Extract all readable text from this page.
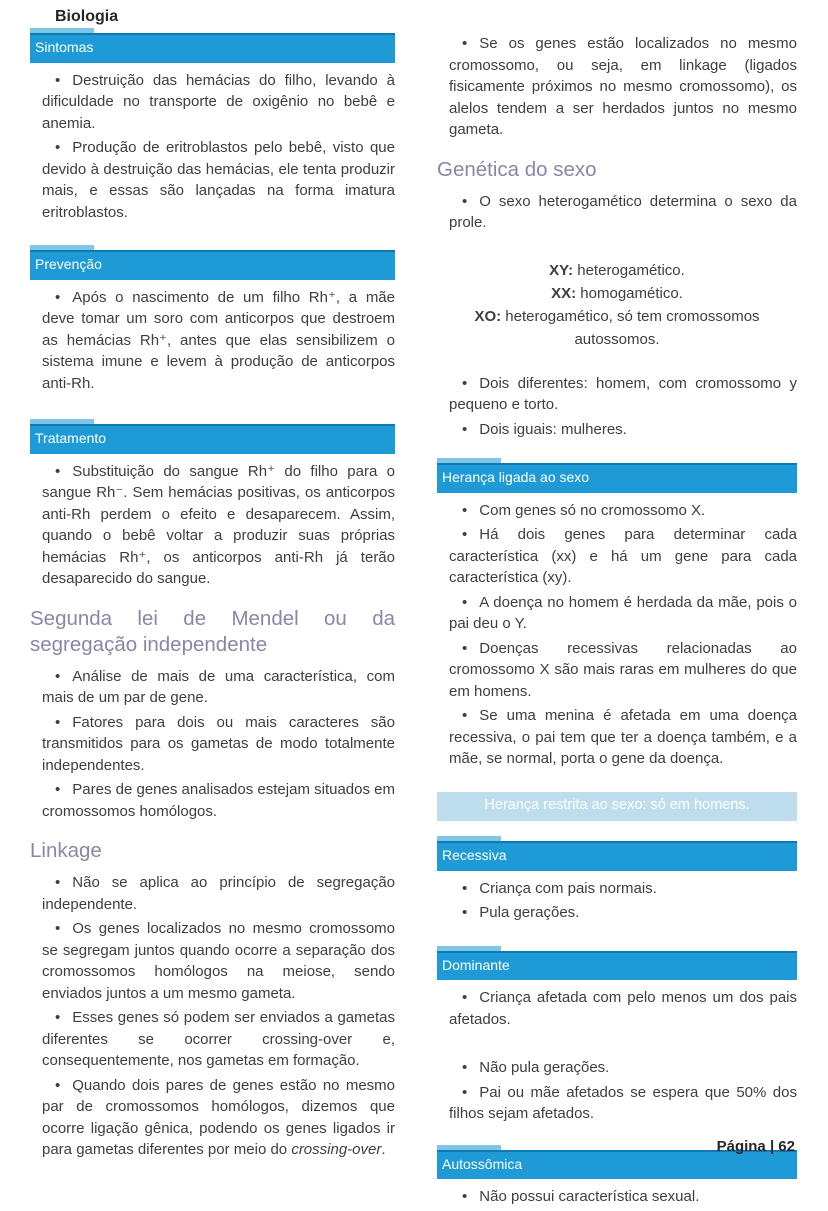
Biologia
Sintomas

• Destruição das hemácias do filho, levando à dificuldade no transporte de oxigênio no bebê e anemia.

• Produção de eritroblastos pelo bebê, visto que devido à destruição das hemácias, ele tenta produzir mais, e essas são lançadas na forma imatura eritroblastos.

Prevenção

• Após o nascimento de um filho Rh⁺, a mãe deve tomar um soro com anticorpos que destroem as hemácias Rh⁺, antes que elas sensibilizem o sistema imune e levem à produção de anticorpos anti-Rh.

Tratamento

• Substituição do sangue Rh⁺ do filho para o sangue Rh⁻. Sem hemácias positivas, os anticorpos anti-Rh perdem o efeito e desaparecem. Assim, quando o bebê voltar a produzir suas próprias hemácias Rh⁺, os anticorpos anti-Rh já terão desaparecido do sangue.

Segunda lei de Mendel ou da segregação independente

• Análise de mais de uma característica, com mais de um par de gene.

• Fatores para dois ou mais caracteres são transmitidos para os gametas de modo totalmente independentes.

• Pares de genes analisados estejam situados em cromossomos homólogos.

Linkage

• Não se aplica ao princípio de segregação independente.

• Os genes localizados no mesmo cromossomo se segregam juntos quando ocorre a separação dos cromossomos homólogos na meiose, sendo enviados juntos a um mesmo gameta.

• Esses genes só podem ser enviados a gametas diferentes se ocorrer crossing-over e, consequentemente, nos gametas em formação.

• Quando dois pares de genes estão no mesmo par de cromossomos homólogos, dizemos que ocorre ligação gênica, podendo os genes ligados ir para gametas diferentes por meio do crossing-over.

• Se os genes estão localizados no mesmo cromossomo, ou seja, em linkage (ligados fisicamente próximos no mesmo cromossomo), os alelos tendem a ser herdados juntos no mesmo gameta.

Genética do sexo

• O sexo heterogamético determina o sexo da prole.

XY: heterogamético.

XX: homogamético.

XO: heterogamético, só tem cromossomos autossomos.

• Dois diferentes: homem, com cromossomo y pequeno e torto.

• Dois iguais: mulheres.

Herança ligada ao sexo

• Com genes só no cromossomo X.

• Há dois genes para determinar cada característica (xx) e há um gene para cada característica (xy).

• A doença no homem é herdada da mãe, pois o pai deu o Y.

• Doenças recessivas relacionadas ao cromossomo X são mais raras em mulheres do que em homens.

• Se uma menina é afetada em uma doença recessiva, o pai tem que ter a doença também, e a mãe, se normal, porta o gene da doença.

Herança restrita ao sexo: só em homens.
Recessiva

• Criança com pais normais.

• Pula gerações.

Dominante

• Criança afetada com pelo menos um dos pais afetados.

• Não pula gerações.

• Pai ou mãe afetados se espera que 50% dos filhos sejam afetados.

Autossômica

• Não possui característica sexual.

Página | 62
